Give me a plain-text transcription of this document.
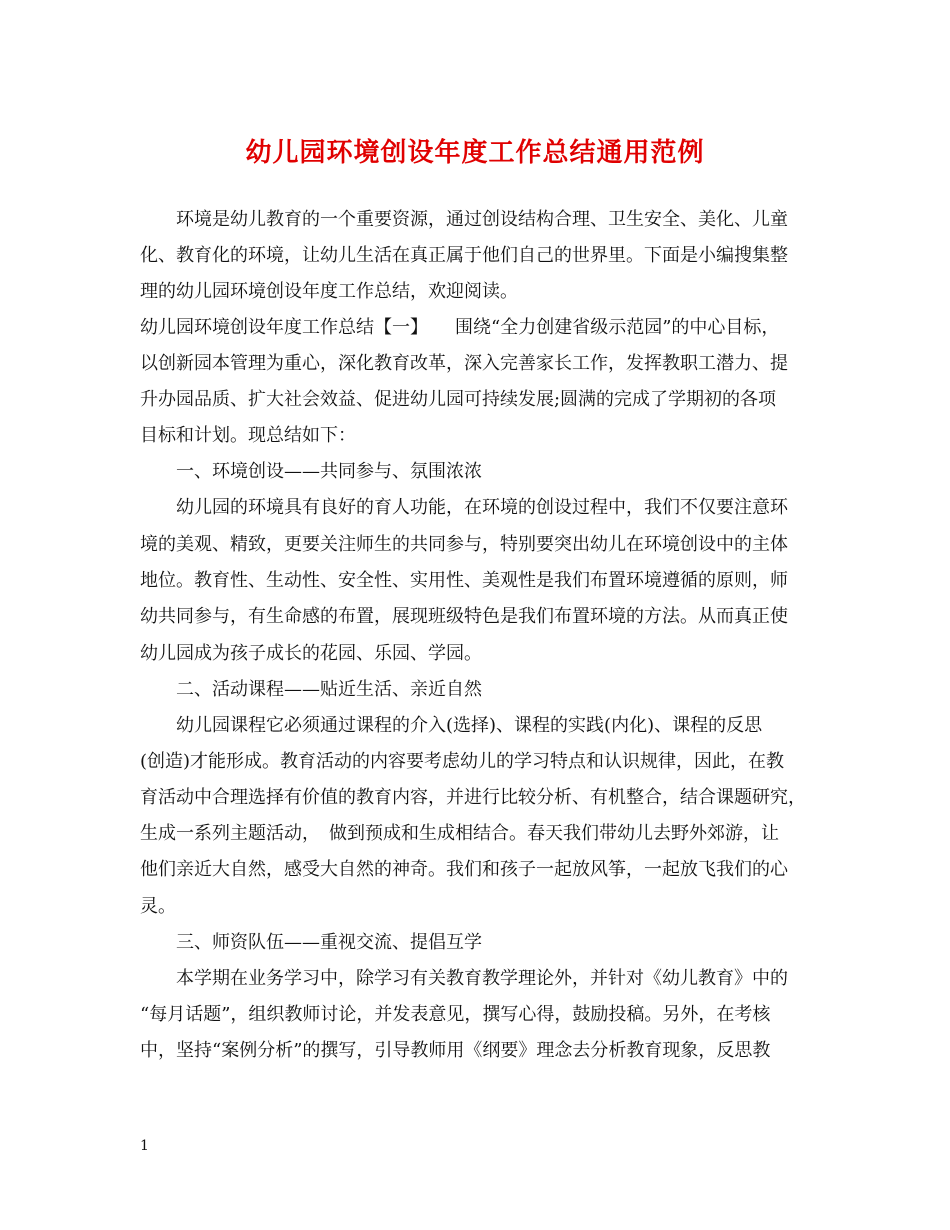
幼儿园环境创设年度工作总结通用范例
环境是幼儿教育的一个重要资源，通过创设结构合理、卫生安全、美化、儿童
化、教育化的环境，让幼儿生活在真正属于他们自己的世界里。下面是小编搜集整
理的幼儿园环境创设年度工作总结，欢迎阅读。
幼儿园环境创设年度工作总结【一】　　围绕“全力创建省级示范园”的中心目标，
以创新园本管理为重心，深化教育改革，深入完善家长工作，发挥教职工潜力、提
升办园品质、扩大社会效益、促进幼儿园可持续发展;圆满的完成了学期初的各项
目标和计划。现总结如下：
一、环境创设——共同参与、氛围浓浓
幼儿园的环境具有良好的育人功能，在环境的创设过程中，我们不仅要注意环
境的美观、精致，更要关注师生的共同参与，特别要突出幼儿在环境创设中的主体
地位。教育性、生动性、安全性、实用性、美观性是我们布置环境遵循的原则，师
幼共同参与，有生命感的布置，展现班级特色是我们布置环境的方法。从而真正使
幼儿园成为孩子成长的花园、乐园、学园。
二、活动课程——贴近生活、亲近自然
幼儿园课程它必须通过课程的介入(选择)、课程的实践(内化)、课程的反思
(创造)才能形成。教育活动的内容要考虑幼儿的学习特点和认识规律，因此，在教
育活动中合理选择有价值的教育内容，并进行比较分析、有机整合，结合课题研究，
生成一系列主题活动，　做到预成和生成相结合。春天我们带幼儿去野外郊游，让
他们亲近大自然，感受大自然的神奇。我们和孩子一起放风筝，一起放飞我们的心
灵。
三、师资队伍——重视交流、提倡互学
本学期在业务学习中，除学习有关教育教学理论外，并针对《幼儿教育》中的
“每月话题”，组织教师讨论，并发表意见，撰写心得，鼓励投稿。另外，在考核
中，坚持“案例分析”的撰写，引导教师用《纲要》理念去分析教育现象，反思教
1
